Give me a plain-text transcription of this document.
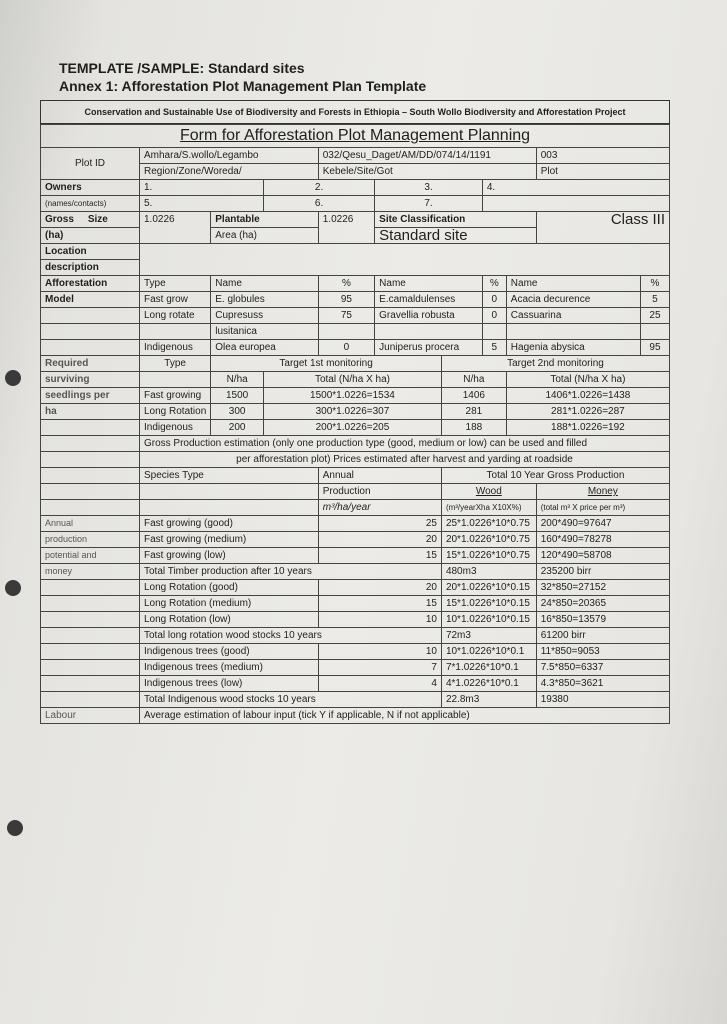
TEMPLATE /SAMPLE: Standard sites
Annex 1: Afforestation Plot Management Plan Template
Conservation and Sustainable Use of Biodiversity and Forests in Ethiopia – South Wollo Biodiversity and Afforestation Project
Form for Afforestation Plot Management Planning										
Plot ID	Amhara/S.wollo/Legambo			032/Qesu_Daget/AM/DD/074/14/1191					003	
	Region/Zone/Woreda/			Kebele/Site/Got					Plot	
Owners	1.		2.		3.		4.			
(names/contacts)	5.		6.		7.					
Gross Size	1.0226	Plantable		1.0226	Site Classification				Class III	
(ha)		Area (ha)			Standard site					
Location										
description										
Afforestation	Type	Name		%	Name		%	Name		%
Model	Fast grow	E. globules		95	E.camaldulenses		0	Acacia decurence		5
	Long rotate	Cupresuss		75	Gravellia robusta		0	Cassuarina		25
		lusitanica								
	Indigenous	Olea europea		0	Juniperus procera		5	Hagenia abysica		95
Required	Type	Target 1st monitoring				Target 2nd monitoring				
surviving		N/ha	Total (N/ha X ha)			N/ha		Total (N/ha X ha)		
seedlings per	Fast growing	1500	1500*1.0226=1534			1406		1406*1.0226=1438		
ha	Long Rotation	300	300*1.0226=307			281		281*1.0226=287		
	Indigenous	200	200*1.0226=205			188		188*1.0226=192		
	Gross Production estimation (only one production type (good, medium or low) can be used and filled									
	per afforestation plot) Prices estimated after harvest and yarding at roadside									
	Species Type			Annual		Total 10 Year Gross Production				
				Production		Wood			Money	
				m³/ha/year		(m³/yearXha X10X%)			(total m³ X price per m³)	
Annual	Fast growing (good)			25		25*1.0226*10*0.75			200*490=97647	
production	Fast growing (medium)			20		20*1.0226*10*0.75			160*490=78278	
potential and	Fast growing (low)			15		15*1.0226*10*0.75			120*490=58708	
money	Total Timber production after 10 years					480m3			235200 birr	
	Long Rotation (good)			20		20*1.0226*10*0.15			32*850=27152	
	Long Rotation (medium)			15		15*1.0226*10*0.15			24*850=20365	
	Long Rotation (low)			10		10*1.0226*10*0.15			16*850=13579	
	Total long rotation wood stocks 10 years					72m3			61200 birr	
	Indigenous trees (good)			10		10*1.0226*10*0.1			11*850=9053	
	Indigenous trees (medium)			7		7*1.0226*10*0.1			7.5*850=6337	
	Indigenous trees (low)			4		4*1.0226*10*0.1			4.3*850=3621	
	Total Indigenous wood stocks 10 years					22.8m3			19380	
Labour	Average estimation of labour input (tick Y if applicable, N if not applicable)									
